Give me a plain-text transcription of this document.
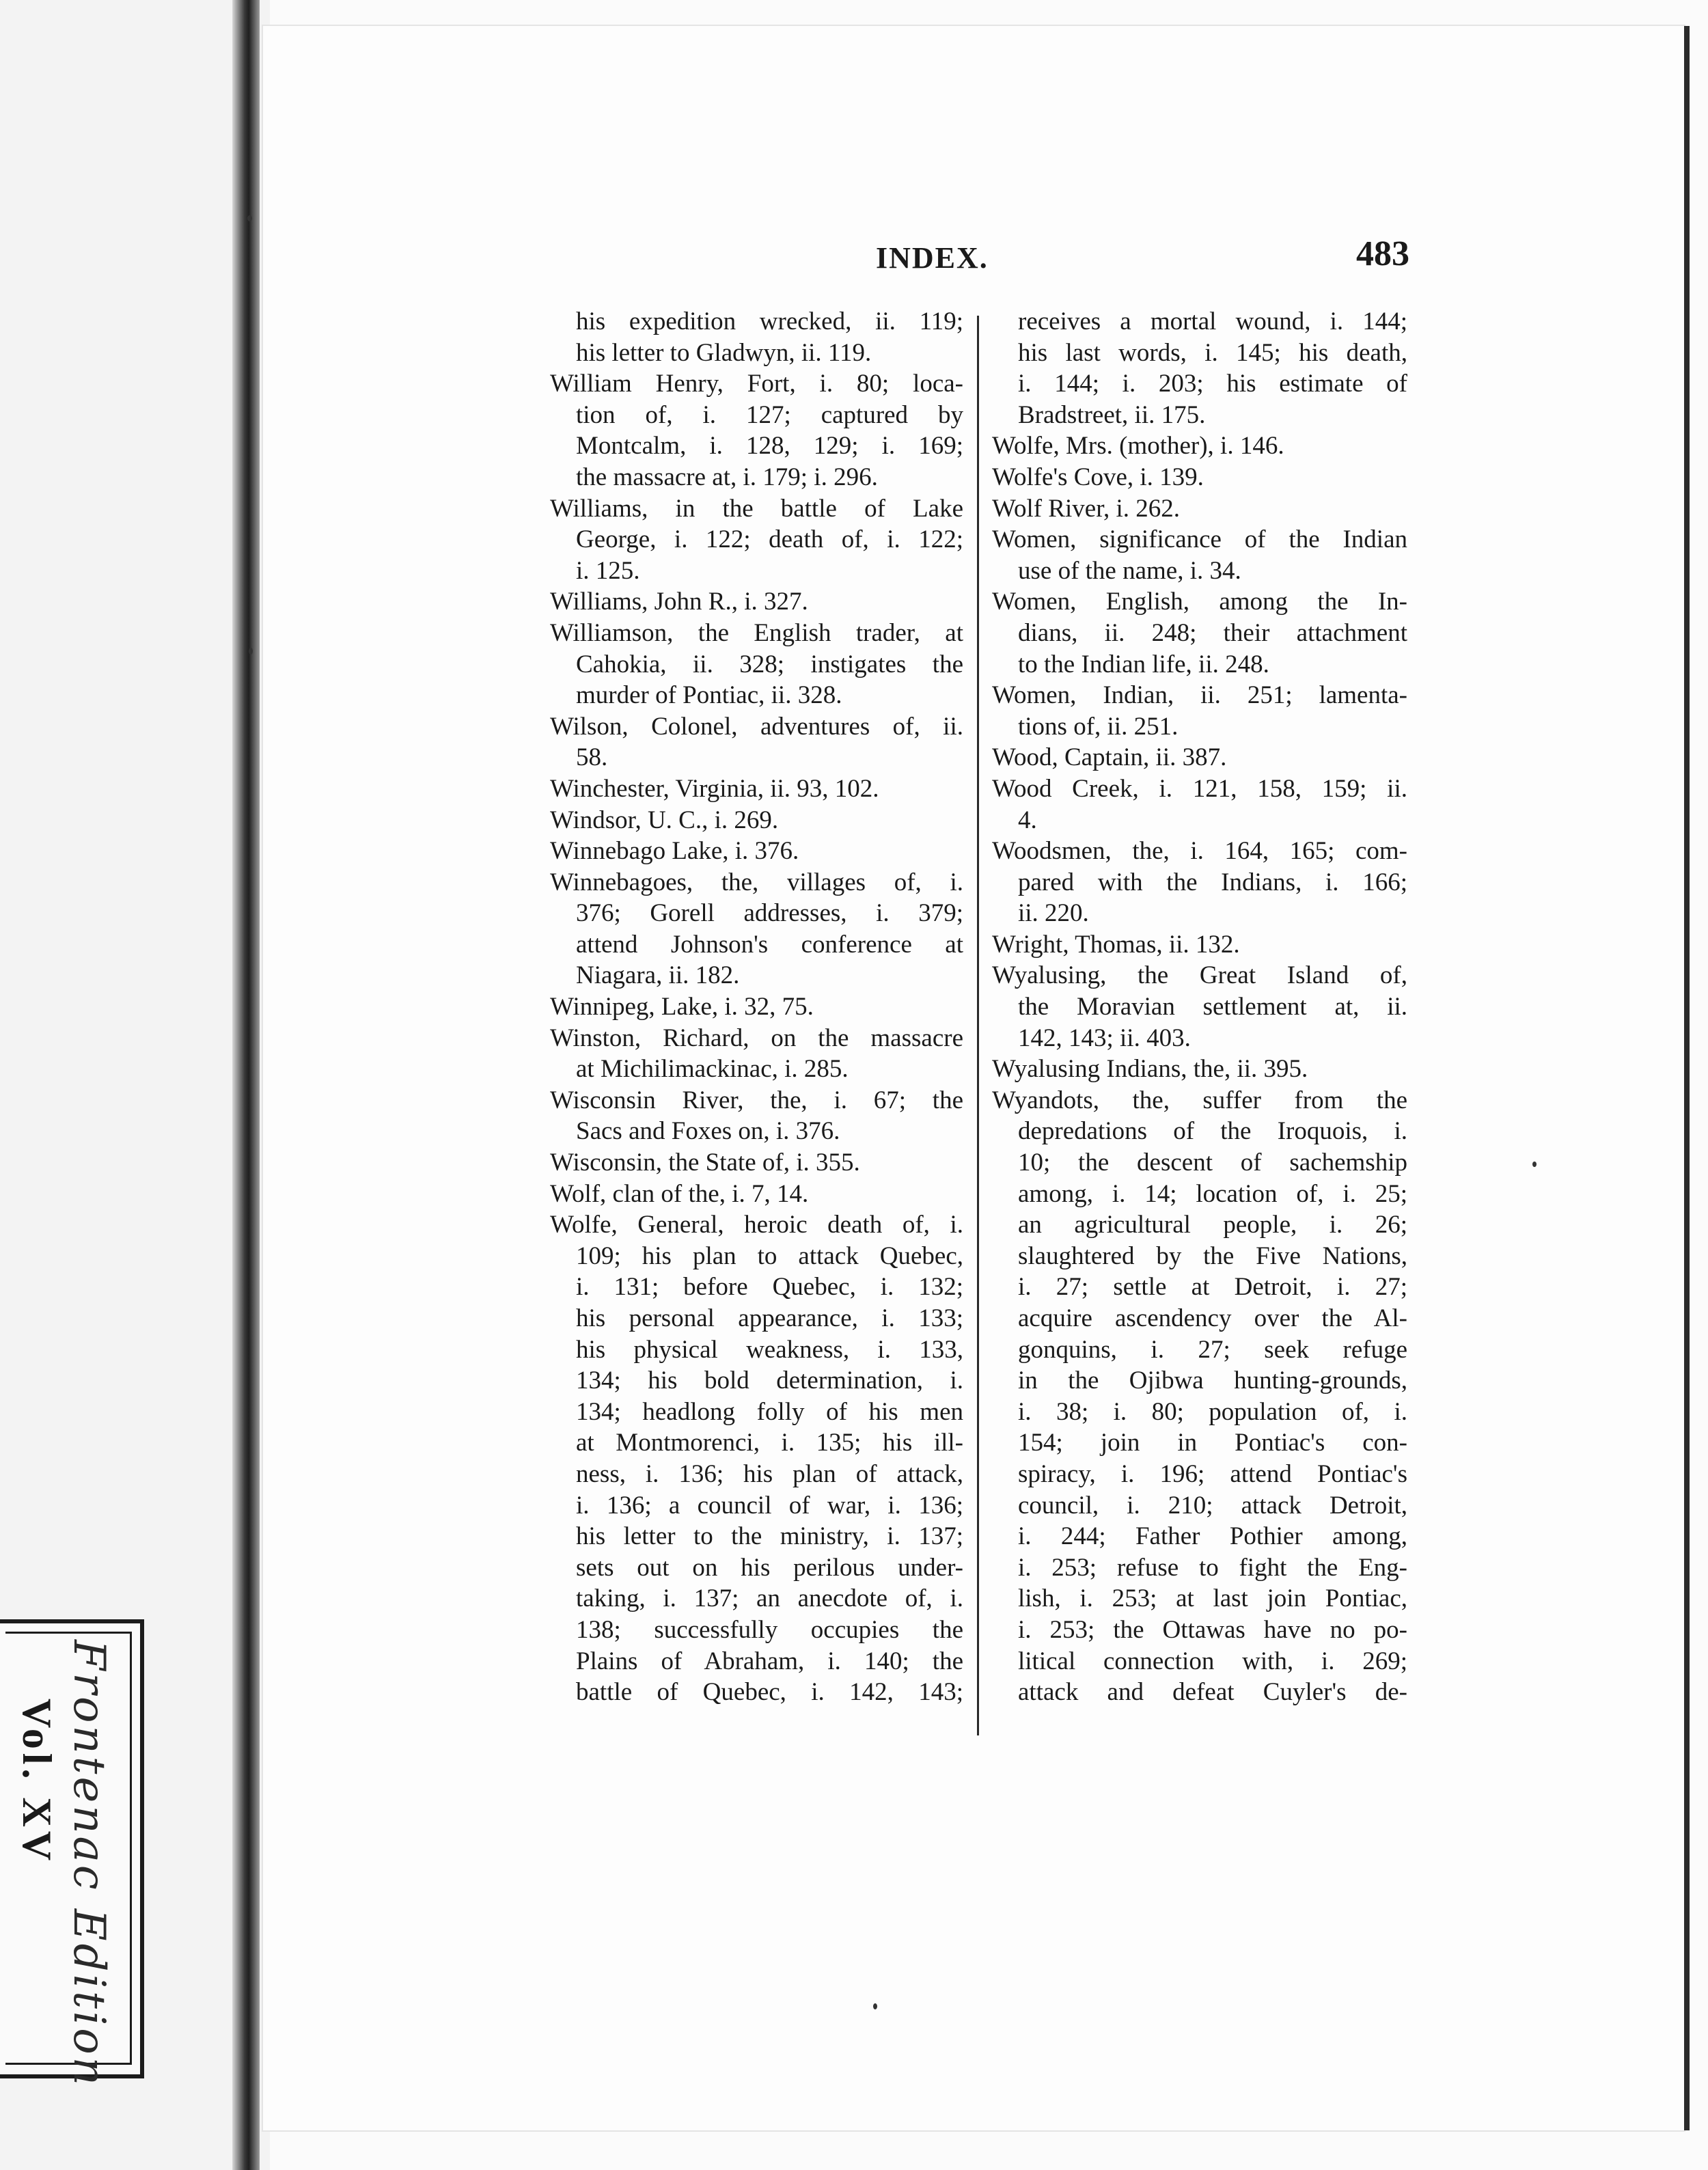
Frontenac Edition
Vol. XV
INDEX.	483
his expedition wrecked, ii. 119;
his letter to Gladwyn, ii. 119.
William Henry, Fort, i. 80; loca-
tion of, i. 127; captured by
Montcalm, i. 128, 129; i. 169;
the massacre at, i. 179; i. 296.
Williams, in the battle of Lake
George, i. 122; death of, i. 122;
i. 125.
Williams, John R., i. 327.
Williamson, the English trader, at
Cahokia, ii. 328; instigates the
murder of Pontiac, ii. 328.
Wilson, Colonel, adventures of, ii.
58.
Winchester, Virginia, ii. 93, 102.
Windsor, U. C., i. 269.
Winnebago Lake, i. 376.
Winnebagoes, the, villages of, i.
376; Gorell addresses, i. 379;
attend Johnson's conference at
Niagara, ii. 182.
Winnipeg, Lake, i. 32, 75.
Winston, Richard, on the massacre
at Michilimackinac, i. 285.
Wisconsin River, the, i. 67; the
Sacs and Foxes on, i. 376.
Wisconsin, the State of, i. 355.
Wolf, clan of the, i. 7, 14.
Wolfe, General, heroic death of, i.
109; his plan to attack Quebec,
i. 131; before Quebec, i. 132;
his personal appearance, i. 133;
his physical weakness, i. 133,
134; his bold determination, i.
134; headlong folly of his men
at Montmorenci, i. 135; his ill-
ness, i. 136; his plan of attack,
i. 136; a council of war, i. 136;
his letter to the ministry, i. 137;
sets out on his perilous under-
taking, i. 137; an anecdote of, i.
138; successfully occupies the
Plains of Abraham, i. 140; the
battle of Quebec, i. 142, 143;
receives a mortal wound, i. 144;
his last words, i. 145; his death,
i. 144; i. 203; his estimate of
Bradstreet, ii. 175.
Wolfe, Mrs. (mother), i. 146.
Wolfe's Cove, i. 139.
Wolf River, i. 262.
Women, significance of the Indian
use of the name, i. 34.
Women, English, among the In-
dians, ii. 248; their attachment
to the Indian life, ii. 248.
Women, Indian, ii. 251; lamenta-
tions of, ii. 251.
Wood, Captain, ii. 387.
Wood Creek, i. 121, 158, 159; ii.
4.
Woodsmen, the, i. 164, 165; com-
pared with the Indians, i. 166;
ii. 220.
Wright, Thomas, ii. 132.
Wyalusing, the Great Island of,
the Moravian settlement at, ii.
142, 143; ii. 403.
Wyalusing Indians, the, ii. 395.
Wyandots, the, suffer from the
depredations of the Iroquois, i.
10; the descent of sachemship
among, i. 14; location of, i. 25;
an agricultural people, i. 26;
slaughtered by the Five Nations,
i. 27; settle at Detroit, i. 27;
acquire ascendency over the Al-
gonquins, i. 27; seek refuge
in the Ojibwa hunting-grounds,
i. 38; i. 80; population of, i.
154; join in Pontiac's con-
spiracy, i. 196; attend Pontiac's
council, i. 210; attack Detroit,
i. 244; Father Pothier among,
i. 253; refuse to fight the Eng-
lish, i. 253; at last join Pontiac,
i. 253; the Ottawas have no po-
litical connection with, i. 269;
attack and defeat Cuyler's de-
